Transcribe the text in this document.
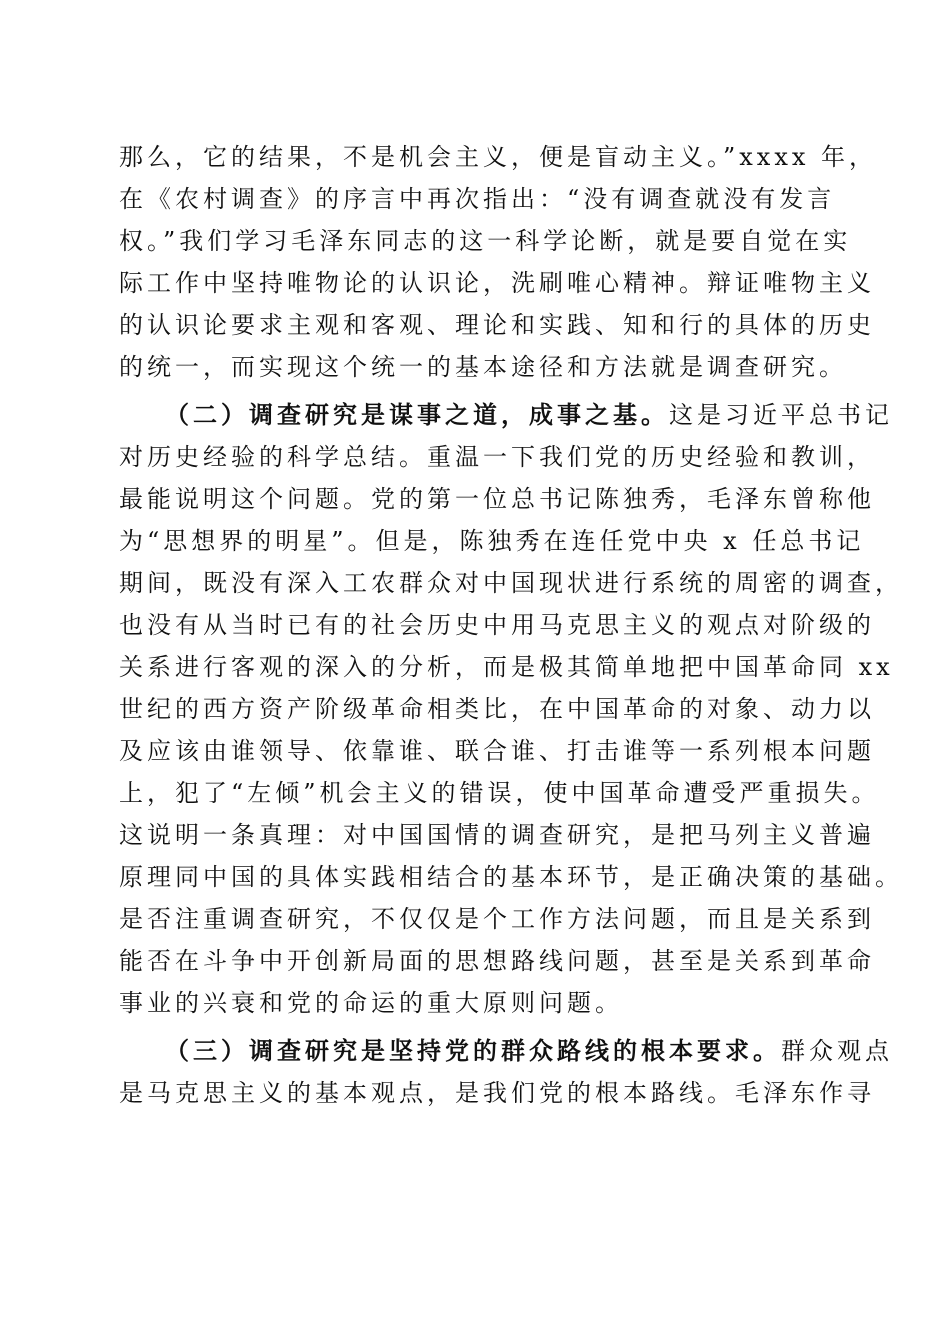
那么，它的结果，不是机会主义，便是盲动主义。”xxxx 年，
在《农村调查》的序言中再次指出：“没有调查就没有发言
权。”我们学习毛泽东同志的这一科学论断，就是要自觉在实
际工作中坚持唯物论的认识论，洗刷唯心精神。辩证唯物主义
的认识论要求主观和客观、理论和实践、知和行的具体的历史
的统一，而实现这个统一的基本途径和方法就是调查研究。
（二）调查研究是谋事之道，成事之基。这是习近平总书记
对历史经验的科学总结。重温一下我们党的历史经验和教训，
最能说明这个问题。党的第一位总书记陈独秀，毛泽东曾称他
为“思想界的明星”。但是，陈独秀在连任党中央 x 任总书记
期间，既没有深入工农群众对中国现状进行系统的周密的调查，
也没有从当时已有的社会历史中用马克思主义的观点对阶级的
关系进行客观的深入的分析，而是极其简单地把中国革命同 xx
世纪的西方资产阶级革命相类比，在中国革命的对象、动力以
及应该由谁领导、依靠谁、联合谁、打击谁等一系列根本问题
上，犯了“左倾”机会主义的错误，使中国革命遭受严重损失。
这说明一条真理：对中国国情的调查研究，是把马列主义普遍
原理同中国的具体实践相结合的基本环节，是正确决策的基础。
是否注重调查研究，不仅仅是个工作方法问题，而且是关系到
能否在斗争中开创新局面的思想路线问题，甚至是关系到革命
事业的兴衰和党的命运的重大原则问题。
（三）调查研究是坚持党的群众路线的根本要求。群众观点
是马克思主义的基本观点，是我们党的根本路线。毛泽东作寻
